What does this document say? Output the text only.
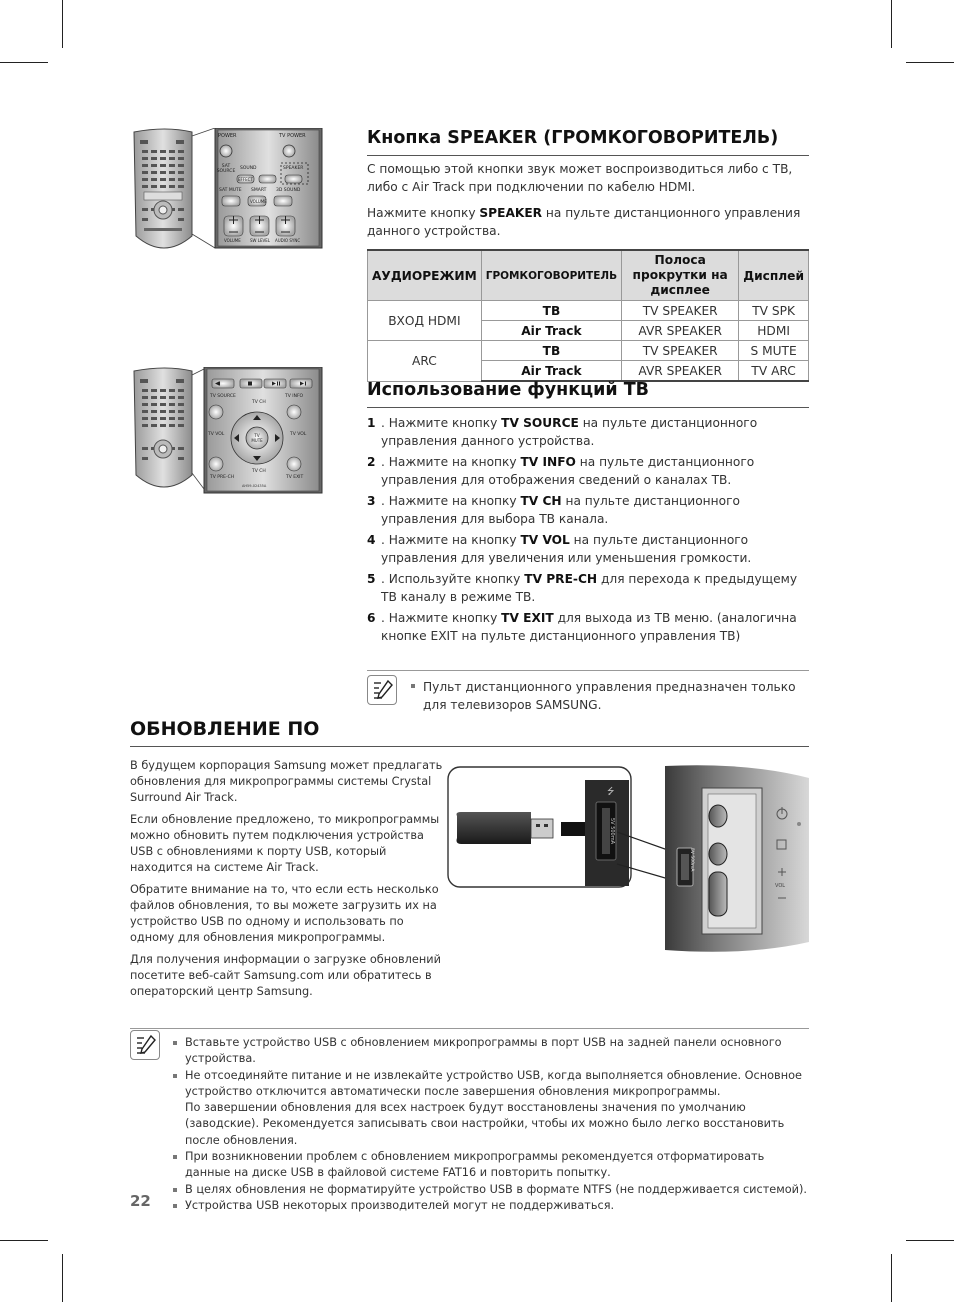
POWER	TV POWER
SAT SOURCE
SOUND	SPEAKER
EFFECT
SAT MUTE SMART 3D SOUND
VOLUME
VOLUME SW LEVEL AUDIO SYNC
Кнопка SPEAKER (ГРОМКОГОВОРИТЕЛЬ)
С помощью этой кнопки звук может воспроизводиться либо с ТВ, либо с Air Track при подключении по кабелю HDMI.
Нажмите кнопку SPEAKER на пульте дистанционного управления данного устройства.
АУДИОРЕЖИМ	ГРОМКОГОВОРИТЕЛЬ	Полоса прокрутки на дисплее	Дисплей
ВХОД HDMI	ТВ	TV SPEAKER	TV SPK
	Air Track	AVR SPEAKER	HDMI
ARC	ТВ	TV SPEAKER	S MUTE
	Air Track	AVR SPEAKER	TV ARC
TV SOURCE
TV CH
TV INFO
TV VOL	TV MUTE
TV VOL
TV CH
TV PRE-CH	TV EXIT
AH59-02435A
Использование функций ТВ
1 . Нажмите кнопку TV SOURCE на пульте дистанционного управления данного устройства.
2 . Нажмите на кнопку TV INFO на пульте дистанционного управления для отображения сведений о каналах ТВ.
3 . Нажмите на кнопку TV CH на пульте дистанционного управления для выбора ТВ канала.
4 . Нажмите на кнопку TV VOL на пульте дистанционного управления для увеличения или уменьшения громкости.
5 . Используйте кнопку TV PRE-CH для перехода к предыдущему ТВ каналу в режиме ТВ.
6 . Нажмите кнопку TV EXIT для выхода из ТВ меню. (аналогична кнопке EXIT на пульте дистанционного управления ТВ)
Пульт дистанционного управления предназначен только для телевизоров SAMSUNG.
ОБНОВЛЕНИЕ ПО
В будущем корпорация Samsung может предлагать обновления для микропрограммы системы Crystal Surround Air Track.
Если обновление предложено, то микропрограммы можно обновить путем подключения устройства USB с обновлениями к порту USB, который находится на системе Air Track.
Обратите внимание на то, что если есть несколько файлов обновления, то вы можете загрузить их на устройство USB по одному и использовать по одному для обновления микропрограммы.
Для получения информации о загрузке обновлений посетите веб-сайт Samsung.com или обратитесь в операторский центр Samsung.
⭍
5V 500mA
5V 500mA
VOL
Вставьте устройство USB с обновлением микропрограммы в порт USB на задней панели основного устройства.
Не отсоединяйте питание и не извлекайте устройство USB, когда выполняется обновление. Основное устройство отключится автоматически после завершения обновления микропрограммы.
По завершении обновления для всех настроек будут восстановлены значения по умолчанию (заводские). Рекомендуется записывать свои настройки, чтобы их можно было легко восстановить после обновления.
При возникновении проблем с обновлением микропрограммы рекомендуется отформатировать данные на диске USB в файловой системе FAT16 и повторить попытку.
В целях обновления не форматируйте устройство USB в формате NTFS (не поддерживается системой).
Устройства USB некоторых производителей могут не поддерживаться.
22
